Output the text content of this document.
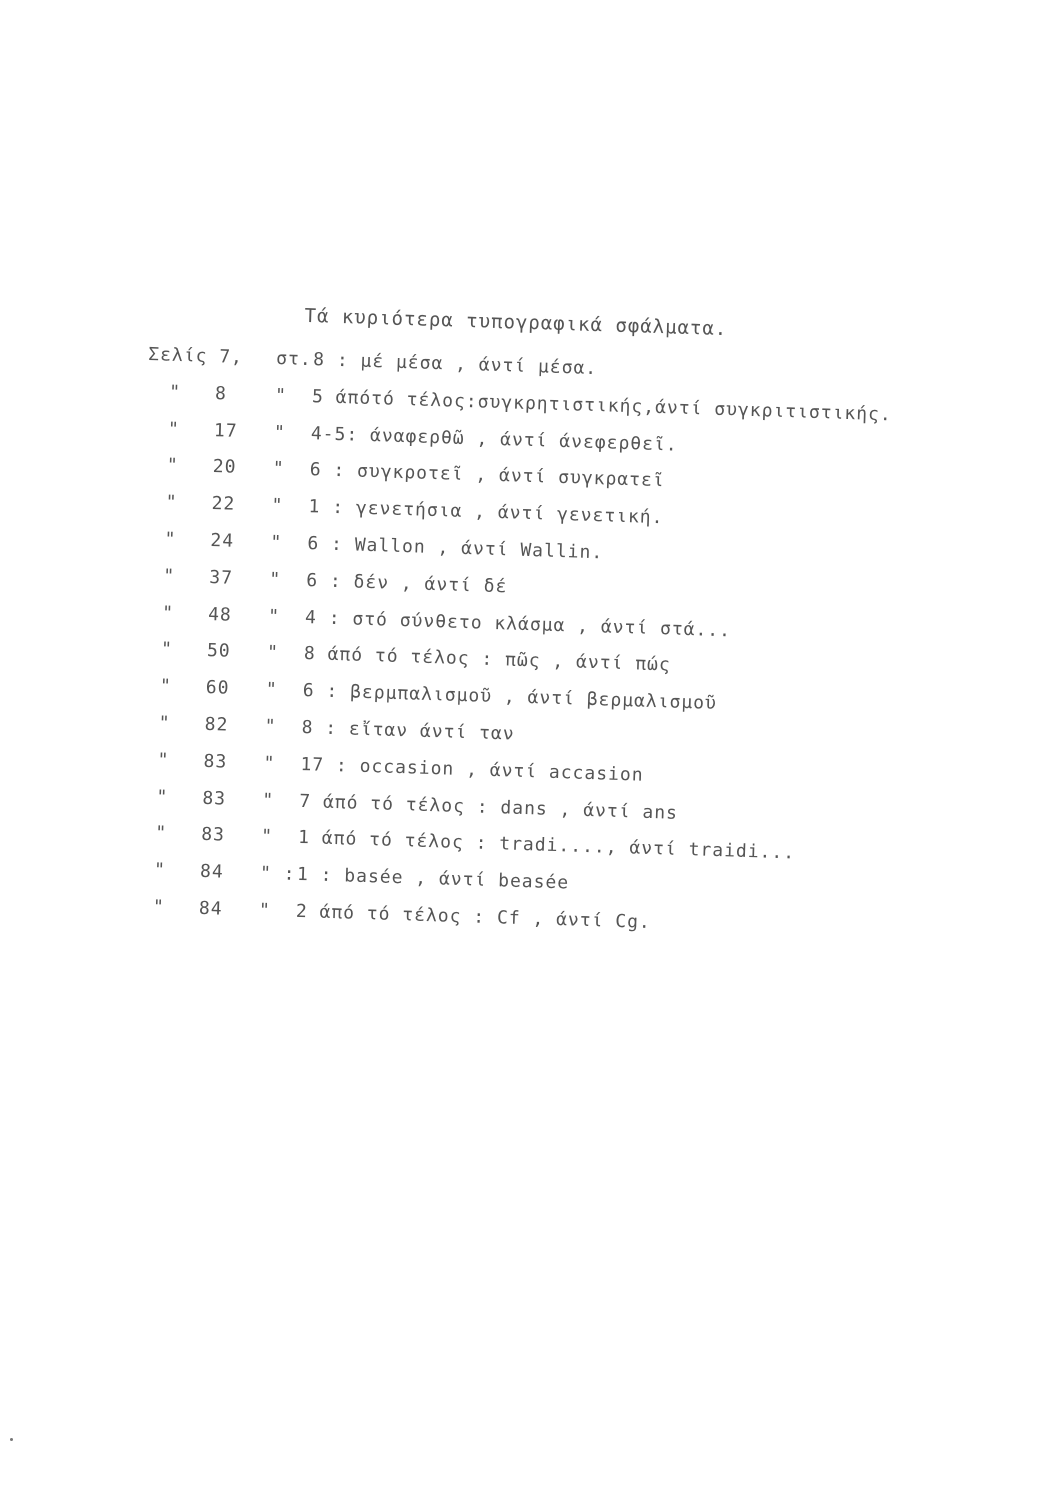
Τά κυριότερα τυπογραφικά σφάλματα.
Σελίς 7, στ. 8 : μέ μέσα , άντί μέσα.
" 8	" 5 άπότό τέλος:συγκρητιστικής,άντί συγκριτιστικής.
" 17 " 4-5: άναφερθῶ , άντί άνεφερθεῖ.
" 20 " 6 : συγκροτεῖ , άντί συγκρατεῖ
" 22 " 1 : γενετήσια , άντί γενετική.
" 24 " 6 : Wallon , άντί Wallin.
" 37 " 6 : δέν , άντί δέ
" 48 " 4 : στό σύνθετο κλάσμα , άντί στά...
" 50 " 8 άπό τό τέλος : πῶς , άντί πώς
" 60 " 6 : βερμπαλισμοῦ , άντί βερμαλισμοῦ
" 82 " 8 : εἴταν άντί ταν
" 83 " 17 : occasion , άντί accasion
" 83 " 7 άπό τό τέλος : dans , άντί ans
" 83 " 1 άπό τό τέλος : tradi...., άντί traidi...
" 84 " : 1 : basée , άντί beasée
" 84 " 2 άπό τό τέλος : Cf , άντί Cg.
